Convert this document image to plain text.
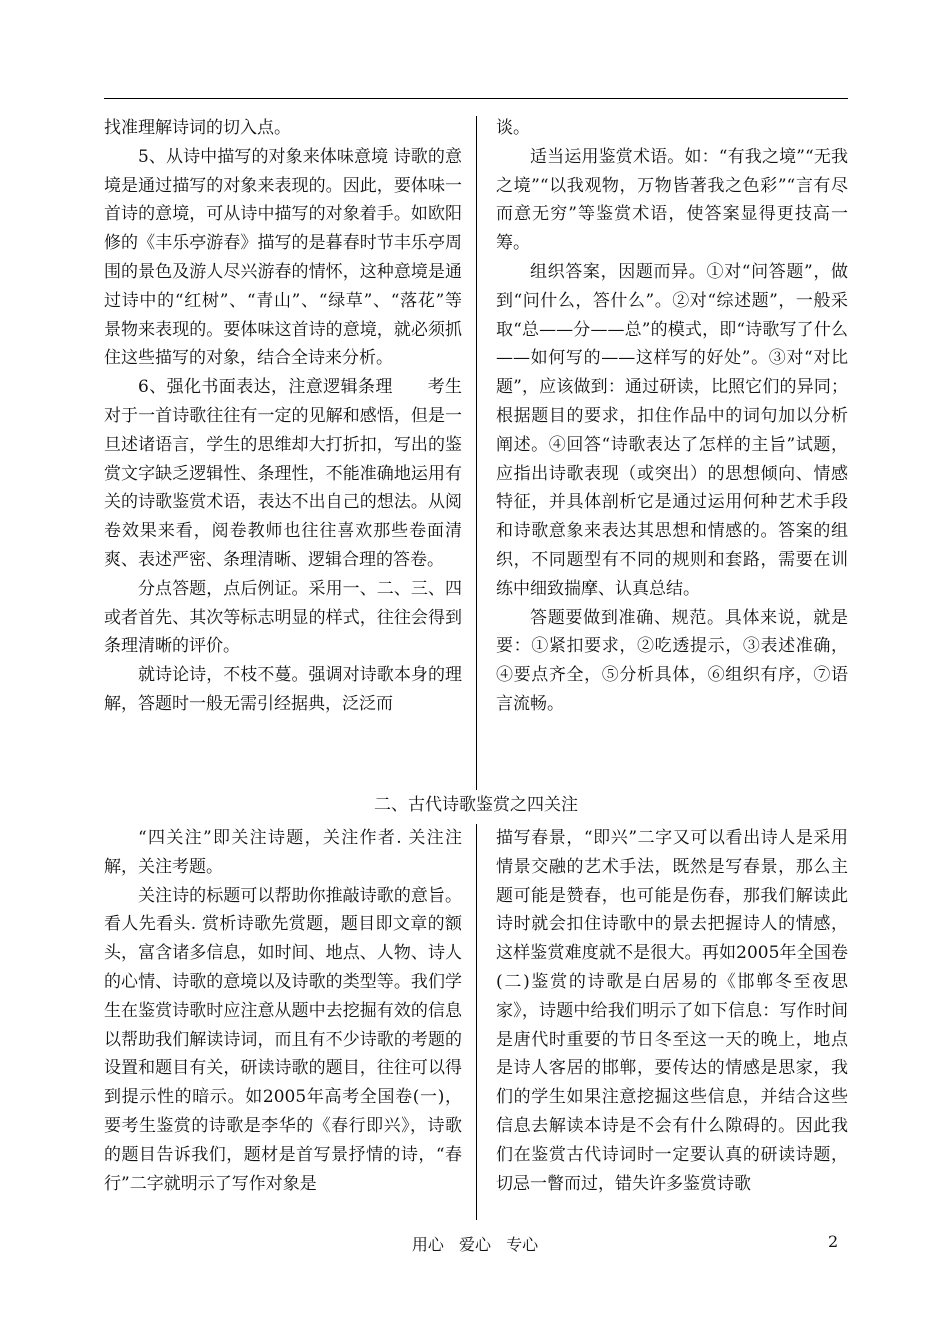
找准理解诗词的切入点。

5、从诗中描写的对象来体味意境 诗歌的意境是通过描写的对象来表现的。因此，要体味一首诗的意境，可从诗中描写的对象着手。如欧阳修的《丰乐亭游春》描写的是暮春时节丰乐亭周围的景色及游人尽兴游春的情怀，这种意境是通过诗中的“红树”、“青山”、“绿草”、“落花”等景物来表现的。要体味这首诗的意境，就必须抓住这些描写的对象，结合全诗来分析。

6、强化书面表达，注意逻辑条理　　考生对于一首诗歌往往有一定的见解和感悟，但是一旦述诸语言，学生的思维却大打折扣，写出的鉴赏文字缺乏逻辑性、条理性，不能准确地运用有关的诗歌鉴赏术语，表达不出自己的想法。从阅卷效果来看，阅卷教师也往往喜欢那些卷面清爽、表述严密、条理清晰、逻辑合理的答卷。

分点答题，点后例证。采用一、二、三、四或者首先、其次等标志明显的样式，往往会得到条理清晰的评价。

就诗论诗，不枝不蔓。强调对诗歌本身的理解，答题时一般无需引经据典，泛泛而

谈。

适当运用鉴赏术语。如：“有我之境”“无我之境”“以我观物，万物皆著我之色彩”“言有尽而意无穷”等鉴赏术语，使答案显得更技高一筹。

组织答案，因题而异。①对“问答题”，做到“问什么，答什么”。②对“综述题”，一般采取“总——分——总”的模式，即“诗歌写了什么——如何写的——这样写的好处”。③对“对比题”，应该做到：通过研读，比照它们的异同；根据题目的要求，扣住作品中的词句加以分析阐述。④回答“诗歌表达了怎样的主旨”试题，应指出诗歌表现（或突出）的思想倾向、情感特征，并具体剖析它是通过运用何种艺术手段和诗歌意象来表达其思想和情感的。答案的组织，不同题型有不同的规则和套路，需要在训练中细致揣摩、认真总结。

答题要做到准确、规范。具体来说，就是要：①紧扣要求，②吃透提示，③表述准确，④要点齐全，⑤分析具体，⑥组织有序，⑦语言流畅。

二、古代诗歌鉴赏之四关注

“四关注”即关注诗题，关注作者. 关注注解，关注考题。

关注诗的标题可以帮助你推敲诗歌的意旨。看人先看头. 赏析诗歌先赏题，题目即文章的额头，富含诸多信息，如时间、地点、人物、诗人的心情、诗歌的意境以及诗歌的类型等。我们学生在鉴赏诗歌时应注意从题中去挖掘有效的信息以帮助我们解读诗词，而且有不少诗歌的考题的设置和题目有关，研读诗歌的题目，往往可以得到提示性的暗示。如2005年高考全国卷(一)，要考生鉴赏的诗歌是李华的《春行即兴》，诗歌的题目告诉我们，题材是首写景抒情的诗，“春行”二字就明示了写作对象是

描写春景，“即兴”二字又可以看出诗人是采用情景交融的艺术手法，既然是写春景，那么主题可能是赞春，也可能是伤春，那我们解读此诗时就会扣住诗歌中的景去把握诗人的情感，这样鉴赏难度就不是很大。再如2005年全国卷(二)鉴赏的诗歌是白居易的《邯郸冬至夜思家》，诗题中给我们明示了如下信息：写作时间是唐代时重要的节日冬至这一天的晚上，地点是诗人客居的邯郸，要传达的情感是思家，我们的学生如果注意挖掘这些信息，并结合这些信息去解读本诗是不会有什么隙碍的。因此我们在鉴赏古代诗词时一定要认真的研读诗题，切忌一瞥而过，错失许多鉴赏诗歌

用心 爱心 专心	2
